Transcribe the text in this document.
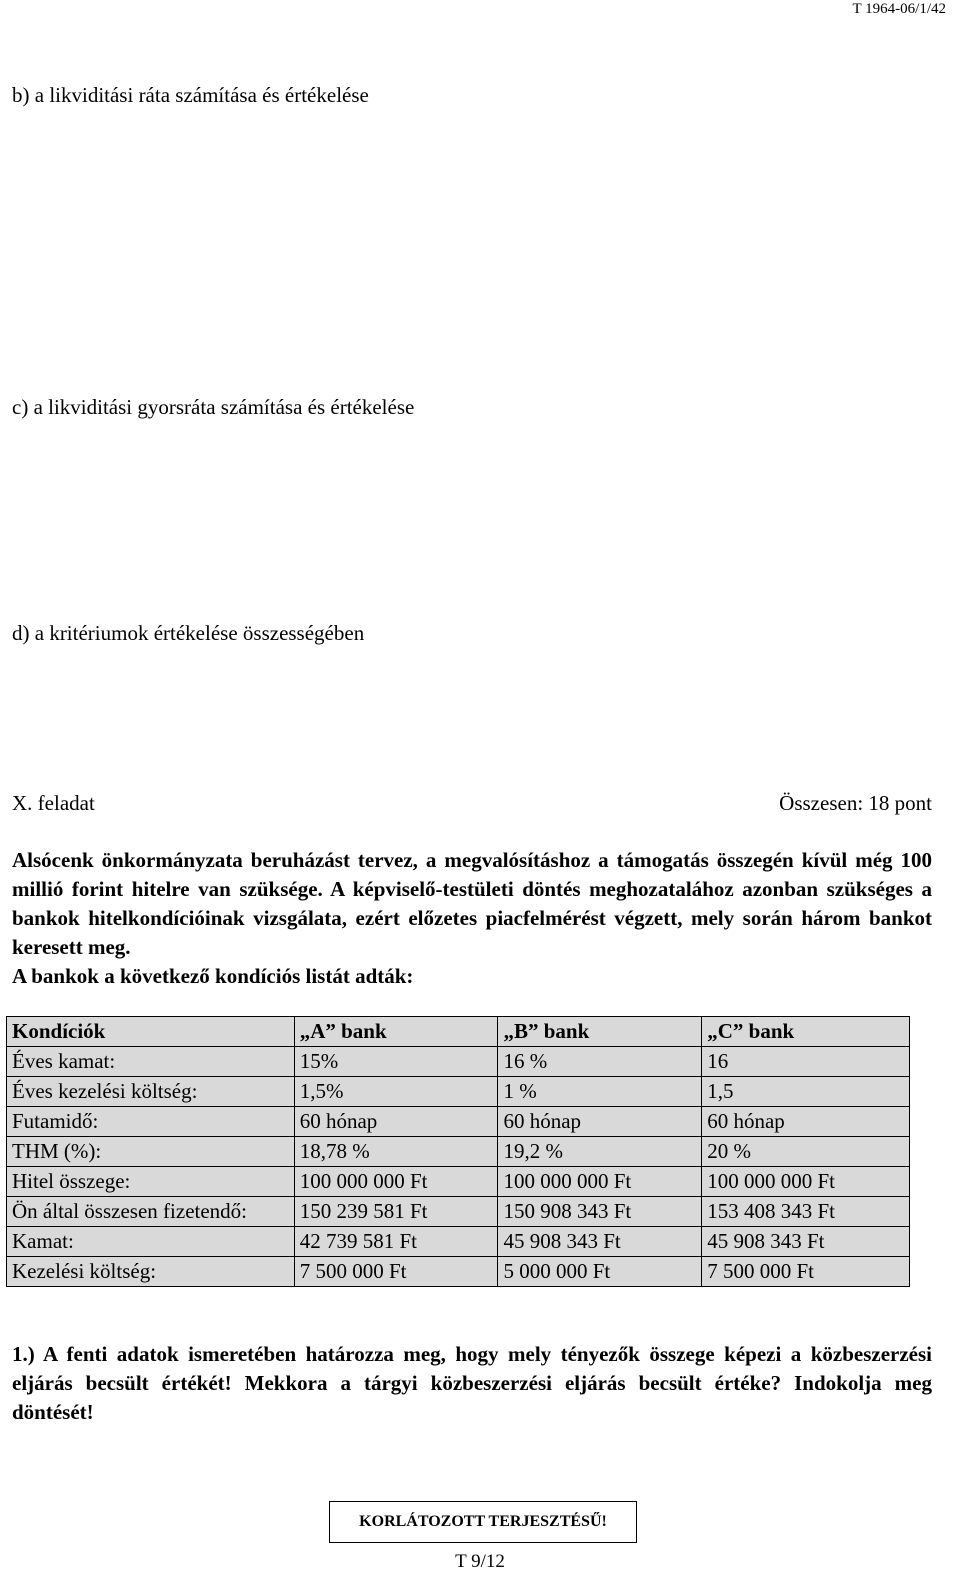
T 1964-06/1/42
b) a likviditási ráta számítása és értékelése
c) a likviditási gyorsráta számítása és értékelése
d) a kritériumok értékelése összességében
X. feladat	Összesen: 18 pont
Alsócenk önkormányzata beruházást tervez, a megvalósításhoz a támogatás összegén kívül még 100 millió forint hitelre van szüksége. A képviselő-testületi döntés meghozatalához azonban szükséges a bankok hitelkondícióinak vizsgálata, ezért előzetes piacfelmérést végzett, mely során három bankot keresett meg.
A bankok a következő kondíciós listát adták:
Kondíciók	„A” bank	„B” bank	„C” bank
Éves kamat:	15%	16 %	16
Éves kezelési költség:	1,5%	1 %	1,5
Futamidő:	60 hónap	60 hónap	60 hónap
THM (%):	18,78 %	19,2 %	20 %
Hitel összege:	100 000 000 Ft	100 000 000 Ft	100 000 000 Ft
Ön által összesen fizetendő:	150 239 581 Ft	150 908 343 Ft	153 408 343 Ft
Kamat:	42 739 581 Ft	45 908 343 Ft	45 908 343 Ft
Kezelési költség:	7 500 000 Ft	5 000 000 Ft	7 500 000 Ft
1.) A fenti adatok ismeretében határozza meg, hogy mely tényezők összege képezi a közbeszerzési eljárás becsült értékét! Mekkora a tárgyi közbeszerzési eljárás becsült értéke? Indokolja meg döntését!
KORLÁTOZOTT TERJESZTÉSŰ!
T 9/12
